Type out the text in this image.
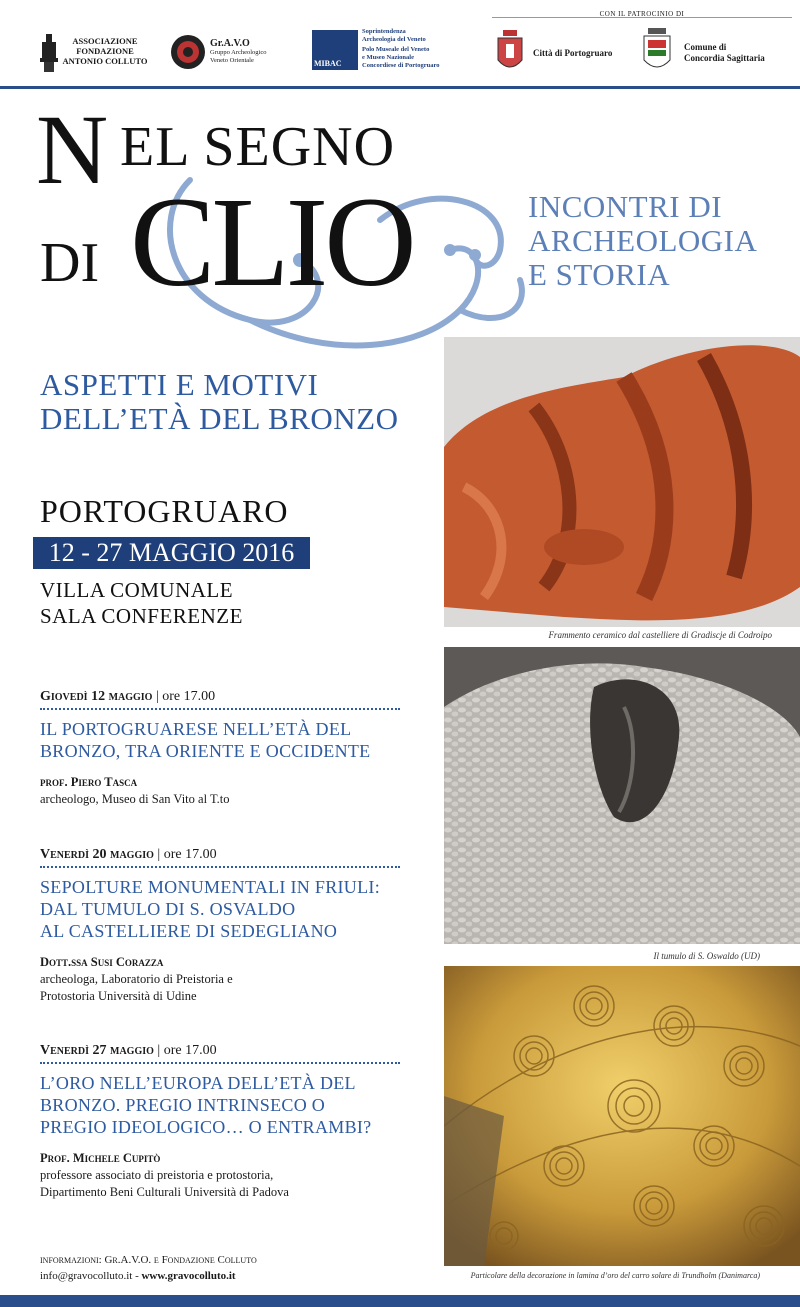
ASSOCIAZIONE
FONDAZIONE
ANTONIO COLLUTO
Gr.A.V.O
Gruppo Archeologico
Veneto Orientale	MIBAC
Soprintendenza
Archeologia del Veneto
Polo Museale del Veneto
e Museo Nazionale
Concordiese di Portogruaro
CON IL PATROCINIO DI
Città di Portogruaro
Comune di
Concordia Sagittaria
N EL SEGNO
DI CLIO	INCONTRI DI
ARCHEOLOGIA
E STORIA
ASPETTI E MOTIVI
DELL’ETÀ DEL BRONZO
PORTOGRUARO
12 - 27 MAGGIO 2016
VILLA COMUNALE
SALA CONFERENZE
Giovedì 12 maggio | ore 17.00
IL PORTOGRUARESE NELL’ETÀ DEL
BRONZO, TRA ORIENTE E OCCIDENTE
prof. Piero Tasca
archeologo, Museo di San Vito al T.to
Venerdì 20 maggio | ore 17.00
SEPOLTURE MONUMENTALI IN FRIULI:
DAL TUMULO DI S. OSVALDO
AL CASTELLIERE DI SEDEGLIANO
Dott.ssa Susi Corazza
archeologa, Laboratorio di Preistoria e
Protostoria Università di Udine
Venerdì 27 maggio | ore 17.00
L’ORO NELL’EUROPA DELL’ETÀ DEL
BRONZO. PREGIO INTRINSECO O
PREGIO IDEOLOGICO… O ENTRAMBI?
Prof. Michele Cupitò
professore associato di preistoria e protostoria,
Dipartimento Beni Culturali Università di Padova
informazioni: Gr.A.V.O. e Fondazione Colluto
info@gravocolluto.it - www.gravocolluto.it
Frammento ceramico dal castelliere di Gradiscje di Codroipo
Il tumulo di S. Oswaldo (UD)
Particolare della decorazione in lamina d’oro del carro solare di Trundholm (Danimarca)
